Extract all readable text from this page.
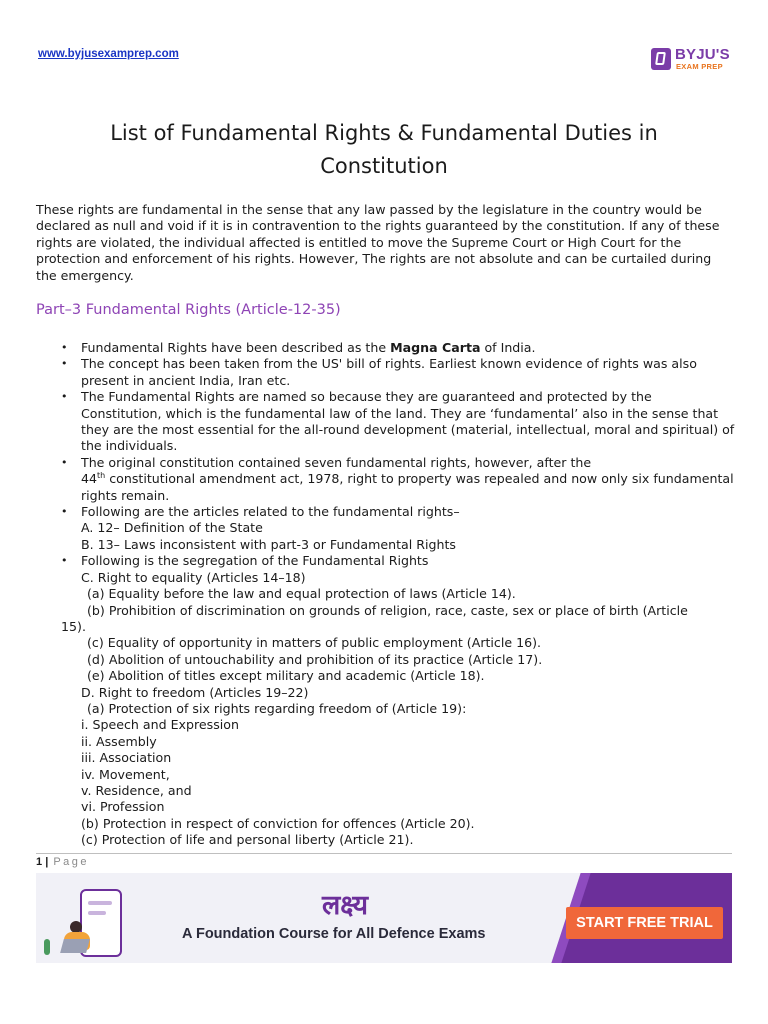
www.byjusexamprep.com	BYJU'S
EXAM PREP
List of Fundamental Rights & Fundamental Duties in Constitution
These rights are fundamental in the sense that any law passed by the legislature in the country would be declared as null and void if it is in contravention to the rights guaranteed by the constitution. If any of these rights are violated, the individual affected is entitled to move the Supreme Court or High Court for the protection and enforcement of his rights. However, The rights are not absolute and can be curtailed during the emergency.
Part–3 Fundamental Rights (Article-12-35)
• Fundamental Rights have been described as the Magna Carta of India.
• The concept has been taken from the US' bill of rights. Earliest known evidence of rights was also present in ancient India, Iran etc.
• The Fundamental Rights are named so because they are guaranteed and protected by the Constitution, which is the fundamental law of the land. They are ‘fundamental’ also in the sense that they are the most essential for the all-round development (material, intellectual, moral and spiritual) of the individuals.
• The original constitution contained seven fundamental rights, however, after the
44th constitutional amendment act, 1978, right to property was repealed and now only six fundamental rights remain.
• Following are the articles related to the fundamental rights–
A. 12– Definition of the State
B. 13– Laws inconsistent with part-3 or Fundamental Rights
• Following is the segregation of the Fundamental Rights
C. Right to equality (Articles 14–18)
(a) Equality before the law and equal protection of laws (Article 14).
(b) Prohibition of discrimination on grounds of religion, race, caste, sex or place of birth (Article
15).
(c) Equality of opportunity in matters of public employment (Article 16).
(d) Abolition of untouchability and prohibition of its practice (Article 17).
(e) Abolition of titles except military and academic (Article 18).
D. Right to freedom (Articles 19–22)
(a) Protection of six rights regarding freedom of (Article 19):
i. Speech and Expression
ii. Assembly
iii. Association
iv. Movement,
v. Residence, and
vi. Profession
(b) Protection in respect of conviction for offences (Article 20).
(c) Protection of life and personal liberty (Article 21).
1 | Page
लक्ष्य
A Foundation Course for All Defence Exams
START FREE TRIAL
